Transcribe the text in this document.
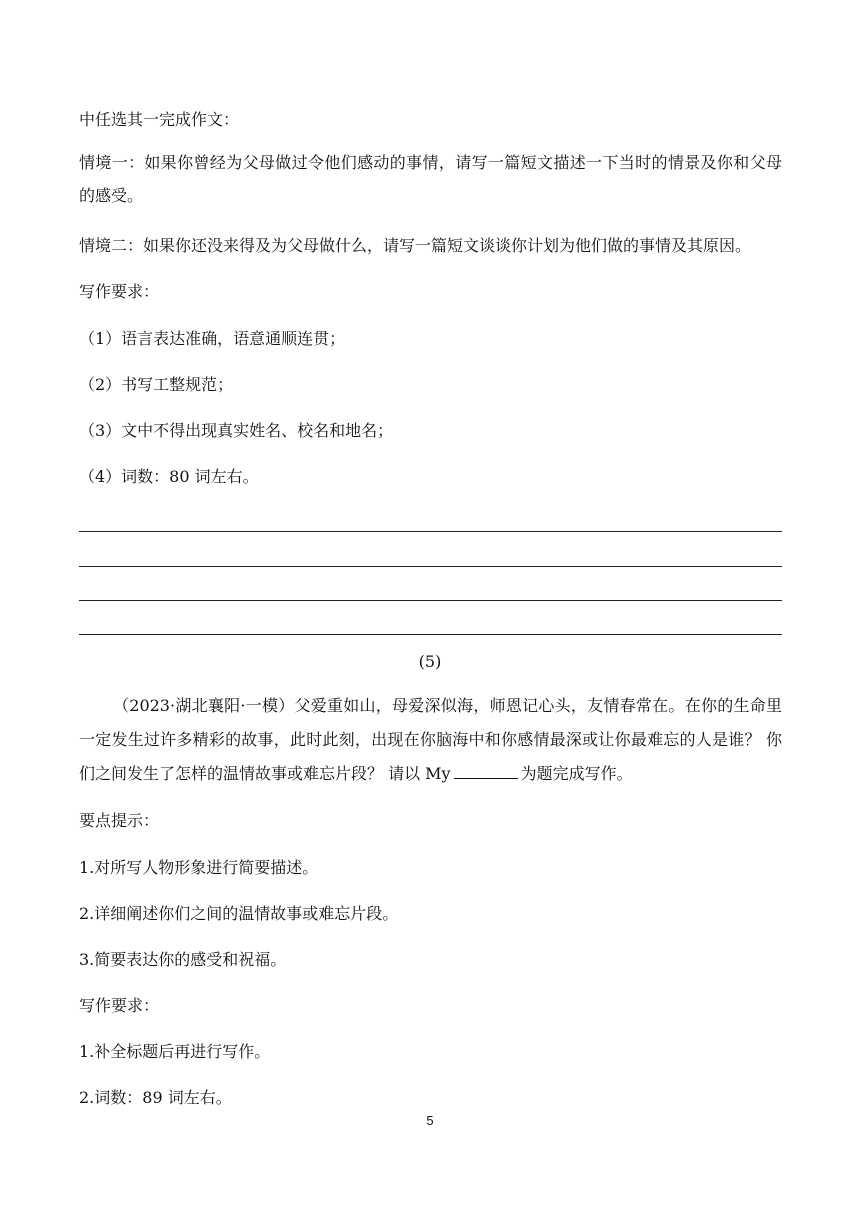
中任选其一完成作文：
情境一：如果你曾经为父母做过令他们感动的事情，请写一篇短文描述一下当时的情景及你和父母的感受。
情境二：如果你还没来得及为父母做什么，请写一篇短文谈谈你计划为他们做的事情及其原因。
写作要求：
（1）语言表达准确，语意通顺连贯；
（2）书写工整规范；
（3）文中不得出现真实姓名、校名和地名；
（4）词数：80 词左右。
(5)
（2023·湖北襄阳·一模）父爱重如山，母爱深似海，师恩记心头，友情春常在。在你的生命里一定发生过许多精彩的故事，此时此刻，出现在你脑海中和你感情最深或让你最难忘的人是谁？ 你们之间发生了怎样的温情故事或难忘片段？ 请以 My	为题完成写作。
要点提示：
1.对所写人物形象进行简要描述。
2.详细阐述你们之间的温情故事或难忘片段。
3.简要表达你的感受和祝福。
写作要求：
1.补全标题后再进行写作。
2.词数：89 词左右。
5
